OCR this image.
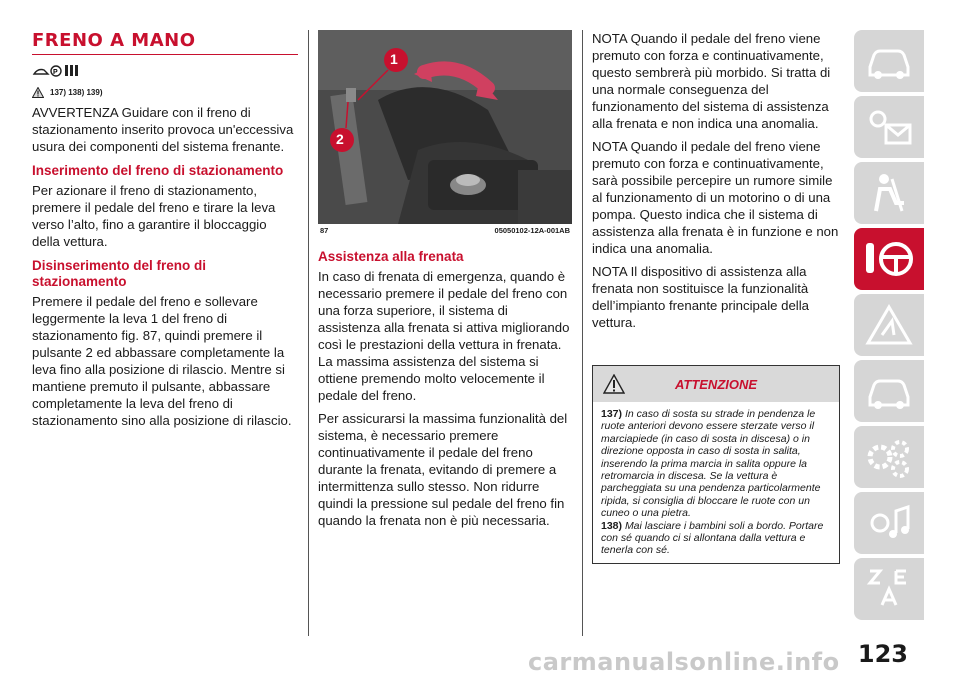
FRENO A MANO
P
137) 138) 139)

AVVERTENZA Guidare con il freno di stazionamento inserito provoca un'eccessiva usura dei componenti del sistema frenante.

Inserimento del freno di stazionamento

Per azionare il freno di stazionamento, premere il pedale del freno e tirare la leva verso l’alto, fino a garantire il bloccaggio della vettura.

Disinserimento del freno di stazionamento

Premere il pedale del freno e sollevare leggermente la leva 1 del freno di stazionamento fig. 87, quindi premere il pulsante 2 ed abbassare completamente la leva fino alla posizione di rilascio. Mentre si mantiene premuto il pulsante, abbassare completamente la leva del freno di stazionamento sino alla posizione di rilascio.

1
2
87	05050102-12A-001AB
Assistenza alla frenata

In caso di frenata di emergenza, quando è necessario premere il pedale del freno con una forza superiore, il sistema di assistenza alla frenata si attiva migliorando così le prestazioni della vettura in frenata. La massima assistenza del sistema si ottiene premendo molto velocemente il pedale del freno.

Per assicurarsi la massima funzionalità del sistema, è necessario premere continuativamente il pedale del freno durante la frenata, evitando di premere a intermittenza sullo stesso. Non ridurre quindi la pressione sul pedale del freno fin quando la frenata non è più necessaria.

NOTA Quando il pedale del freno viene premuto con forza e continuativamente, questo sembrerà più morbido. Si tratta di una normale conseguenza del funzionamento del sistema di assistenza alla frenata e non indica una anomalia.

NOTA Quando il pedale del freno viene premuto con forza e continuativamente, sarà possibile percepire un rumore simile al funzionamento di un motorino o di una pompa. Questo indica che il sistema di assistenza alla frenata è in funzione e non indica una anomalia.

NOTA Il dispositivo di assistenza alla frenata non sostituisce la funzionalità dell’impianto frenante principale della vettura.

ATTENZIONE
137) In caso di sosta su strade in pendenza le ruote anteriori devono essere sterzate verso il marciapiede (in caso di sosta in discesa) o in direzione opposta in caso di sosta in salita, inserendo la prima marcia in salita oppure la retromarcia in discesa. Se la vettura è parcheggiata su una pendenza particolarmente ripida, si consiglia di bloccare le ruote con un cuneo o una pietra.
138) Mai lasciare i bambini soli a bordo. Portare con sé quando ci si allontana dalla vettura e tenerla con sé.
carmanualsonline.info 123
